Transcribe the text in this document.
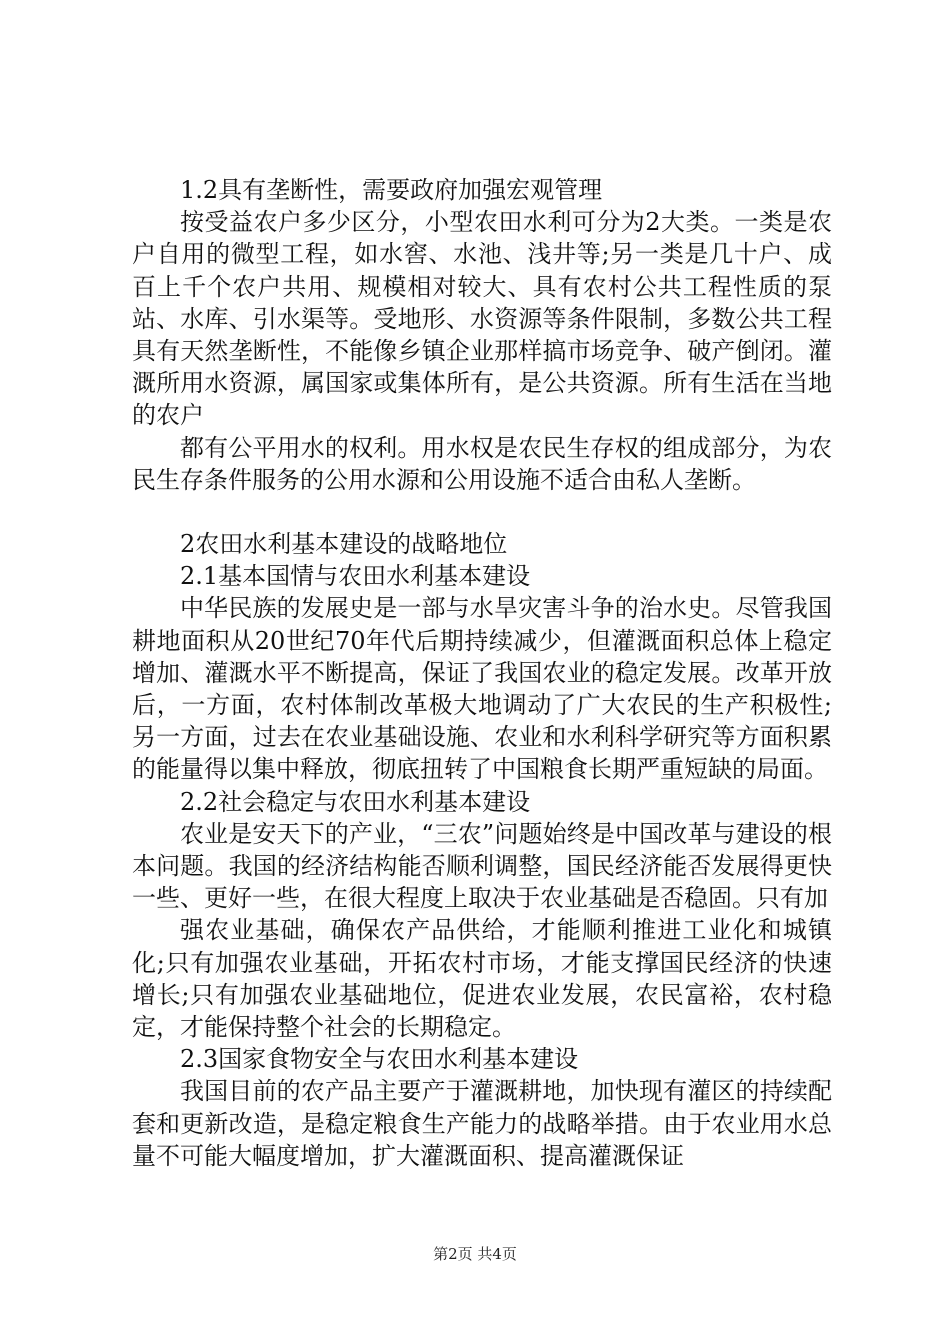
1.2具有垄断性，需要政府加强宏观管理

按受益农户多少区分，小型农田水利可分为2大类。一类是农户自用的微型工程，如水窖、水池、浅井等;另一类是几十户、成百上千个农户共用、规模相对较大、具有农村公共工程性质的泵站、水库、引水渠等。受地形、水资源等条件限制，多数公共工程具有天然垄断性，不能像乡镇企业那样搞市场竞争、破产倒闭。灌溉所用水资源，属国家或集体所有，是公共资源。所有生活在当地的农户

都有公平用水的权利。用水权是农民生存权的组成部分，为农民生存条件服务的公用水源和公用设施不适合由私人垄断。

2农田水利基本建设的战略地位

2.1基本国情与农田水利基本建设

中华民族的发展史是一部与水旱灾害斗争的治水史。尽管我国耕地面积从20世纪70年代后期持续减少，但灌溉面积总体上稳定增加、灌溉水平不断提高，保证了我国农业的稳定发展。改革开放后，一方面，农村体制改革极大地调动了广大农民的生产积极性;另一方面，过去在农业基础设施、农业和水利科学研究等方面积累的能量得以集中释放，彻底扭转了中国粮食长期严重短缺的局面。

2.2社会稳定与农田水利基本建设

农业是安天下的产业，“三农”问题始终是中国改革与建设的根本问题。我国的经济结构能否顺利调整，国民经济能否发展得更快一些、更好一些，在很大程度上取决于农业基础是否稳固。只有加

强农业基础，确保农产品供给，才能顺利推进工业化和城镇化;只有加强农业基础，开拓农村市场，才能支撑国民经济的快速增长;只有加强农业基础地位，促进农业发展，农民富裕，农村稳定，才能保持整个社会的长期稳定。

2.3国家食物安全与农田水利基本建设

我国目前的农产品主要产于灌溉耕地，加快现有灌区的持续配套和更新改造，是稳定粮食生产能力的战略举措。由于农业用水总量不可能大幅度增加，扩大灌溉面积、提高灌溉保证

第2页 共4页
